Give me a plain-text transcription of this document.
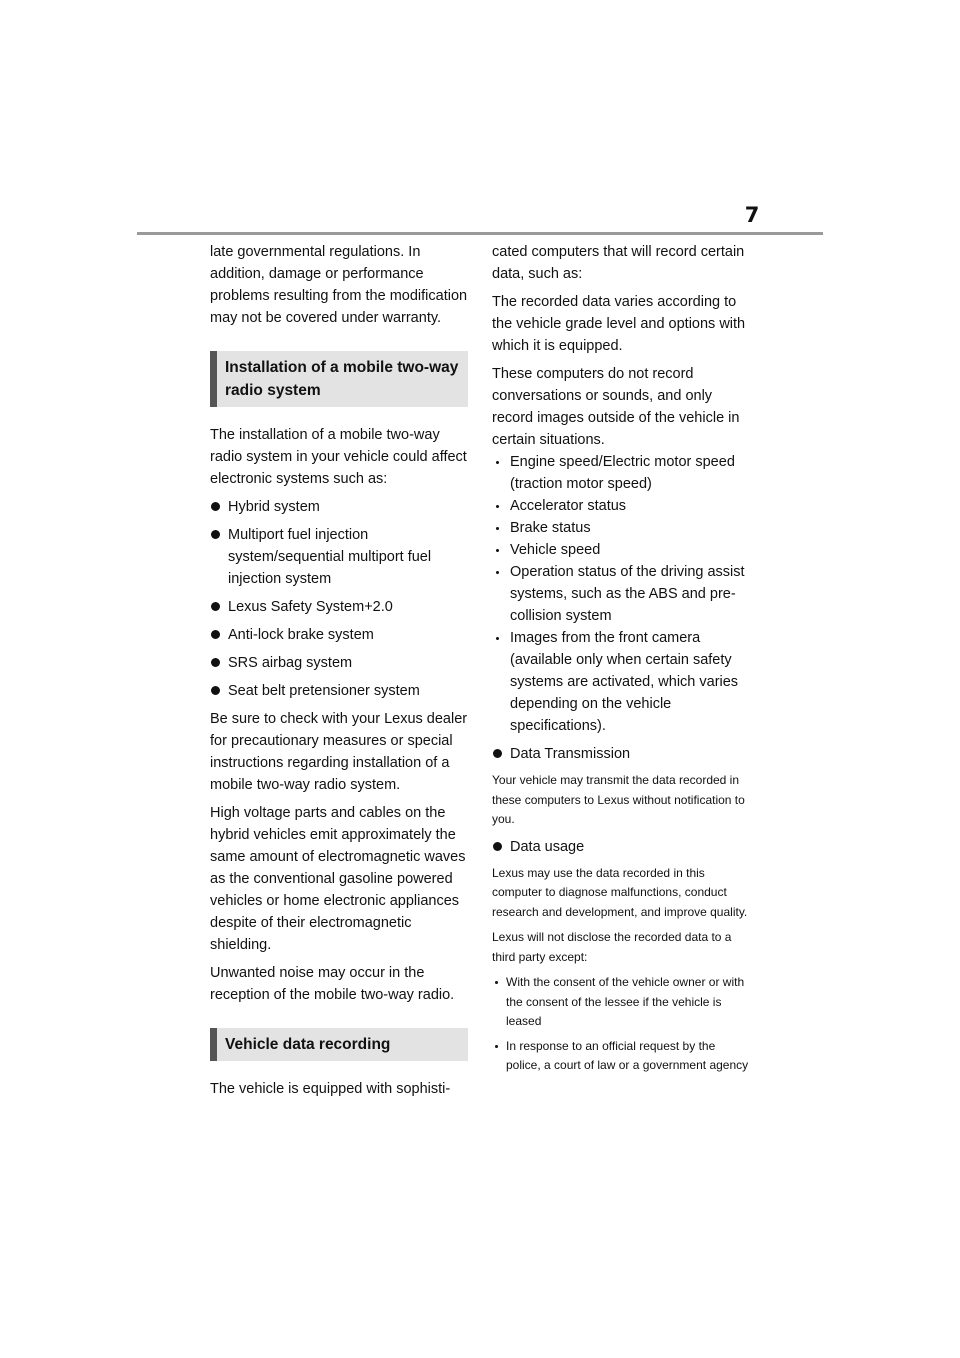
7

late governmental regulations. In addition, damage or performance problems resulting from the modification may not be covered under warranty.

Installation of a mobile two-way radio system

The installation of a mobile two-way radio system in your vehicle could affect electronic systems such as:

Hybrid system
Multiport fuel injection system/sequential multiport fuel injection system
Lexus Safety System+2.0
Anti-lock brake system
SRS airbag system
Seat belt pretensioner system

Be sure to check with your Lexus dealer for precautionary measures or special instructions regarding installation of a mobile two-way radio system.

High voltage parts and cables on the hybrid vehicles emit approximately the same amount of electromagnetic waves as the conventional gasoline powered vehicles or home electronic appliances despite of their electromagnetic shielding.

Unwanted noise may occur in the reception of the mobile two-way radio.

Vehicle data recording

The vehicle is equipped with sophisti-

cated computers that will record certain data, such as:

The recorded data varies according to the vehicle grade level and options with which it is equipped.

These computers do not record conversations or sounds, and only record images outside of the vehicle in certain situations.

Engine speed/Electric motor speed (traction motor speed)
Accelerator status
Brake status
Vehicle speed
Operation status of the driving assist systems, such as the ABS and pre-collision system
Images from the front camera (available only when certain safety systems are activated, which varies depending on the vehicle specifications).
Data Transmission

Your vehicle may transmit the data recorded in these computers to Lexus without notification to you.

Data usage

Lexus may use the data recorded in this computer to diagnose malfunctions, conduct research and development, and improve quality.

Lexus will not disclose the recorded data to a third party except:

With the consent of the vehicle owner or with the consent of the lessee if the vehicle is leased
In response to an official request by the police, a court of law or a government agency
